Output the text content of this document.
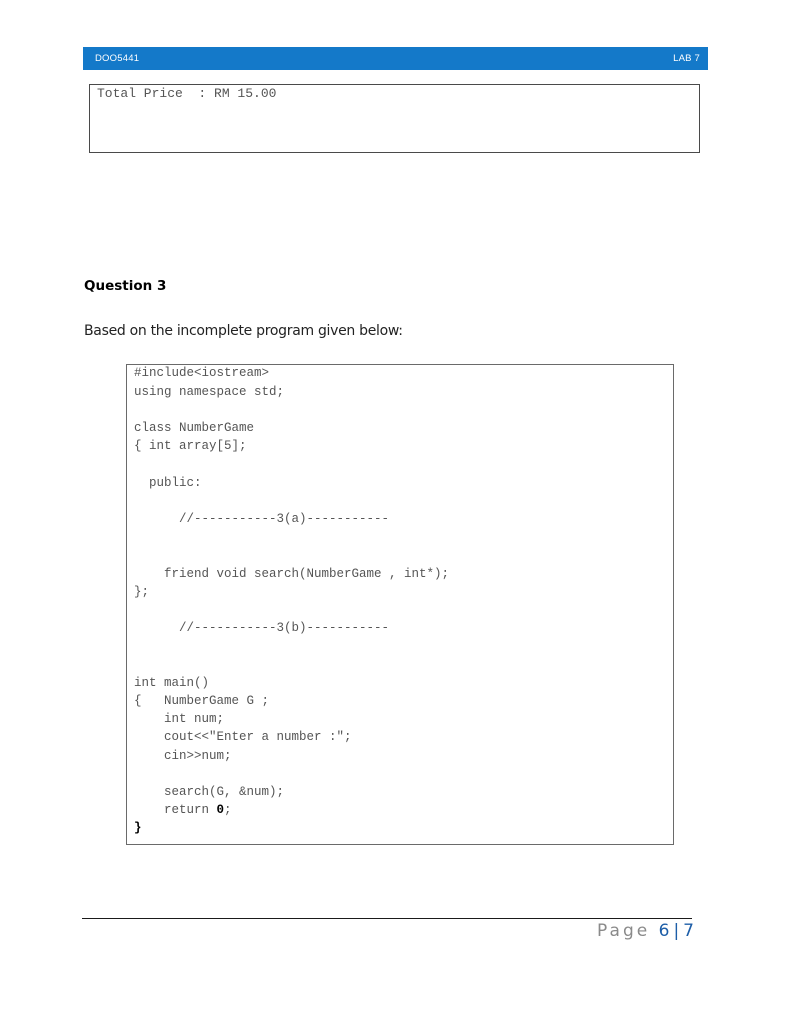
DOO5441	LAB 7
Total Price  : RM 15.00
Question 3
Based on the incomplete program given below:
#include<iostream>
using namespace std;
class NumberGame
{ int array[5];
public:
//-----------3(a)-----------
friend void search(NumberGame , int*);
};
//-----------3(b)-----------
int main()
{   NumberGame G ;
int num;
cout<<"Enter a number :";
cin>>num;
search(G, &num);
return 0;
}
Page 6 | 7
